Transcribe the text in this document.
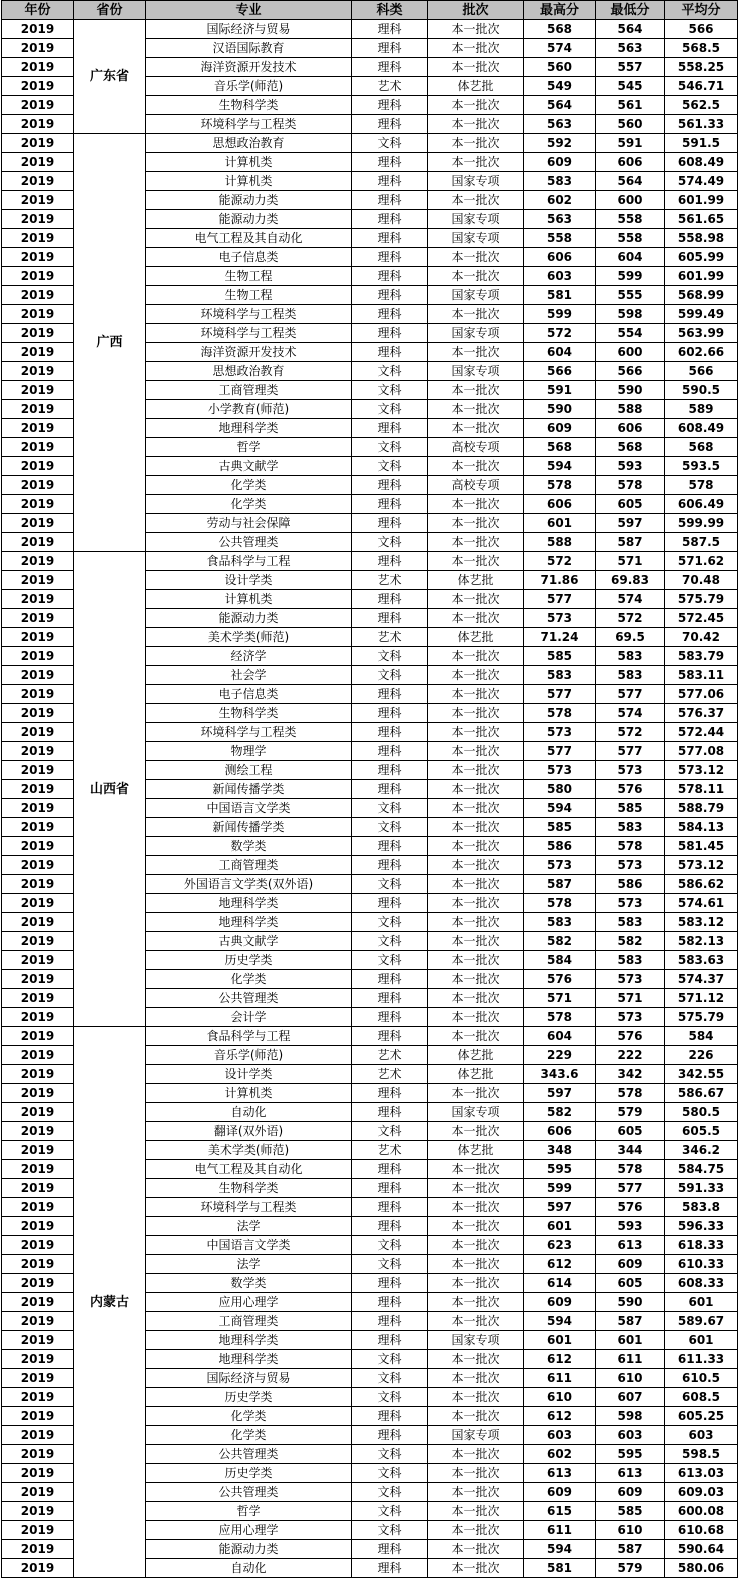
年份	省份	专业	科类	批次	最高分	最低分	平均分
2019	广东省	国际经济与贸易	理科	本一批次	568	564	566
2019		汉语国际教育	理科	本一批次	574	563	568.5
2019		海洋资源开发技术	理科	本一批次	560	557	558.25
2019		音乐学(师范)	艺术	体艺批	549	545	546.71
2019		生物科学类	理科	本一批次	564	561	562.5
2019		环境科学与工程类	理科	本一批次	563	560	561.33
2019	广西	思想政治教育	文科	本一批次	592	591	591.5
2019		计算机类	理科	本一批次	609	606	608.49
2019		计算机类	理科	国家专项	583	564	574.49
2019		能源动力类	理科	本一批次	602	600	601.99
2019		能源动力类	理科	国家专项	563	558	561.65
2019		电气工程及其自动化	理科	国家专项	558	558	558.98
2019		电子信息类	理科	本一批次	606	604	605.99
2019		生物工程	理科	本一批次	603	599	601.99
2019		生物工程	理科	国家专项	581	555	568.99
2019		环境科学与工程类	理科	本一批次	599	598	599.49
2019		环境科学与工程类	理科	国家专项	572	554	563.99
2019		海洋资源开发技术	理科	本一批次	604	600	602.66
2019		思想政治教育	文科	国家专项	566	566	566
2019		工商管理类	文科	本一批次	591	590	590.5
2019		小学教育(师范)	文科	本一批次	590	588	589
2019		地理科学类	理科	本一批次	609	606	608.49
2019		哲学	文科	高校专项	568	568	568
2019		古典文献学	文科	本一批次	594	593	593.5
2019		化学类	理科	高校专项	578	578	578
2019		化学类	理科	本一批次	606	605	606.49
2019		劳动与社会保障	理科	本一批次	601	597	599.99
2019		公共管理类	文科	本一批次	588	587	587.5
2019	山西省	食品科学与工程	理科	本一批次	572	571	571.62
2019		设计学类	艺术	体艺批	71.86	69.83	70.48
2019		计算机类	理科	本一批次	577	574	575.79
2019		能源动力类	理科	本一批次	573	572	572.45
2019		美术学类(师范)	艺术	体艺批	71.24	69.5	70.42
2019		经济学	文科	本一批次	585	583	583.79
2019		社会学	文科	本一批次	583	583	583.11
2019		电子信息类	理科	本一批次	577	577	577.06
2019		生物科学类	理科	本一批次	578	574	576.37
2019		环境科学与工程类	理科	本一批次	573	572	572.44
2019		物理学	理科	本一批次	577	577	577.08
2019		测绘工程	理科	本一批次	573	573	573.12
2019		新闻传播学类	理科	本一批次	580	576	578.11
2019		中国语言文学类	文科	本一批次	594	585	588.79
2019		新闻传播学类	文科	本一批次	585	583	584.13
2019		数学类	理科	本一批次	586	578	581.45
2019		工商管理类	理科	本一批次	573	573	573.12
2019		外国语言文学类(双外语)	文科	本一批次	587	586	586.62
2019		地理科学类	理科	本一批次	578	573	574.61
2019		地理科学类	文科	本一批次	583	583	583.12
2019		古典文献学	文科	本一批次	582	582	582.13
2019		历史学类	文科	本一批次	584	583	583.63
2019		化学类	理科	本一批次	576	573	574.37
2019		公共管理类	理科	本一批次	571	571	571.12
2019		会计学	理科	本一批次	578	573	575.79
2019	内蒙古	食品科学与工程	理科	本一批次	604	576	584
2019		音乐学(师范)	艺术	体艺批	229	222	226
2019		设计学类	艺术	体艺批	343.6	342	342.55
2019		计算机类	理科	本一批次	597	578	586.67
2019		自动化	理科	国家专项	582	579	580.5
2019		翻译(双外语)	文科	本一批次	606	605	605.5
2019		美术学类(师范)	艺术	体艺批	348	344	346.2
2019		电气工程及其自动化	理科	本一批次	595	578	584.75
2019		生物科学类	理科	本一批次	599	577	591.33
2019		环境科学与工程类	理科	本一批次	597	576	583.8
2019		法学	理科	本一批次	601	593	596.33
2019		中国语言文学类	文科	本一批次	623	613	618.33
2019		法学	文科	本一批次	612	609	610.33
2019		数学类	理科	本一批次	614	605	608.33
2019		应用心理学	理科	本一批次	609	590	601
2019		工商管理类	理科	本一批次	594	587	589.67
2019		地理科学类	理科	国家专项	601	601	601
2019		地理科学类	文科	本一批次	612	611	611.33
2019		国际经济与贸易	文科	本一批次	611	610	610.5
2019		历史学类	文科	本一批次	610	607	608.5
2019		化学类	理科	本一批次	612	598	605.25
2019		化学类	理科	国家专项	603	603	603
2019		公共管理类	文科	本一批次	602	595	598.5
2019		历史学类	文科	本一批次	613	613	613.03
2019		公共管理类	文科	本一批次	609	609	609.03
2019		哲学	文科	本一批次	615	585	600.08
2019		应用心理学	文科	本一批次	611	610	610.68
2019		能源动力类	理科	本一批次	594	587	590.64
2019		自动化	理科	本一批次	581	579	580.06
